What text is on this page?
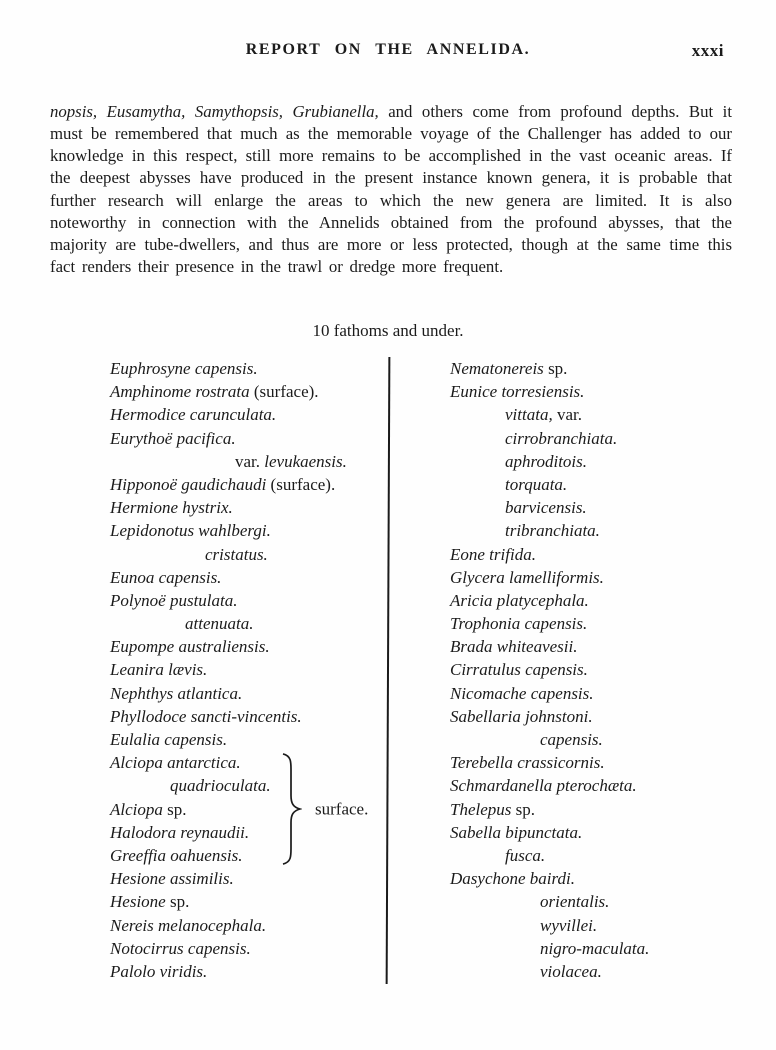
REPORT ON THE ANNELIDA.	xxxi

nopsis, Eusamytha, Samythopsis, Grubianella, and others come from profound depths. But it must be remembered that much as the memorable voyage of the Challenger has added to our knowledge in this respect, still more remains to be accomplished in the vast oceanic areas. If the deepest abysses have produced in the present instance known genera, it is probable that further research will enlarge the areas to which the new genera are limited. It is also noteworthy in connection with the Annelids obtained from the profound abysses, that the majority are tube-dwellers, and thus are more or less protected, though at the same time this fact renders their presence in the trawl or dredge more frequent.

10 fathoms and under.
Euphrosyne capensis.
Amphinome rostrata (surface).
Hermodice carunculata.
Eurythoë pacifica.
var. levukaensis.
Hipponoë gaudichaudi (surface).
Hermione hystrix.
Lepidonotus wahlbergi.
cristatus.
Eunoa capensis.
Polynoë pustulata.
attenuata.
Eupompe australiensis.
Leanira lævis.
Nephthys atlantica.
Phyllodoce sancti-vincentis.
Eulalia capensis.
Alciopa antarctica.
quadrioculata.
Alciopa sp.
Halodora reynaudii.
Greeffia oahuensis.
surface.
Hesione assimilis.
Hesione sp.
Nereis melanocephala.
Notocirrus capensis.
Palolo viridis.
Nematonereis sp.
Eunice torresiensis.
vittata, var.
cirrobranchiata.
aphroditois.
torquata.
barvicensis.
tribranchiata.
Eone trifida.
Glycera lamelliformis.
Aricia platycephala.
Trophonia capensis.
Brada whiteavesii.
Cirratulus capensis.
Nicomache capensis.
Sabellaria johnstoni.
capensis.
Terebella crassicornis.
Schmardanella pterochæta.
Thelepus sp.
Sabella bipunctata.
fusca.
Dasychone bairdi.
orientalis.
wyvillei.
nigro-maculata.
violacea.
